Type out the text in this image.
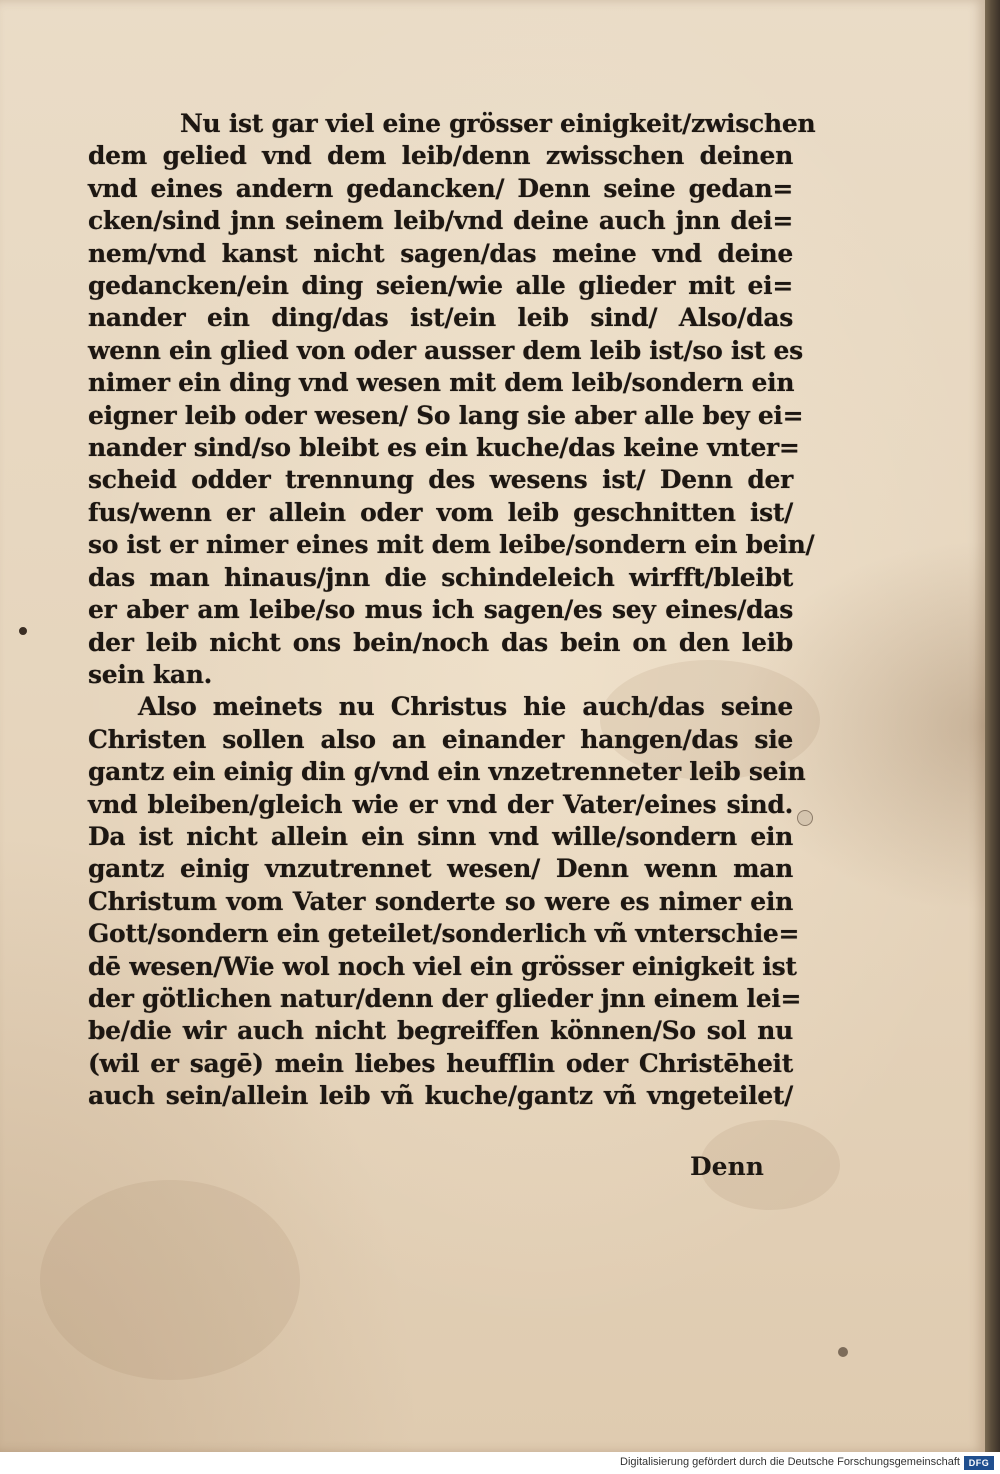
Nu ist gar viel eine grösser einigkeit/zwischen
dem gelied vnd dem leib/denn zwisschen deinen
vnd eines andern gedancken/ Denn seine gedan=
cken/sind jnn seinem leib/vnd deine auch jnn dei=
nem/vnd kanst nicht sagen/das meine vnd deine
gedancken/ein ding seien/wie alle glieder mit ei=
nander ein ding/das ist/ein leib sind/ Also/das
wenn ein glied von oder ausser dem leib ist/so ist es
nimer ein ding vnd wesen mit dem leib/sondern ein
eigner leib oder wesen/ So lang sie aber alle bey ei=
nander sind/so bleibt es ein kuche/das keine vnter=
scheid odder trennung des wesens ist/ Denn der
fus/wenn er allein oder vom leib geschnitten ist/
so ist er nimer eines mit dem leibe/sondern ein bein/
das man hinaus/jnn die schindeleich wirfft/bleibt
er aber am leibe/so mus ich sagen/es sey eines/das
der leib nicht ons bein/noch das bein on den leib
sein kan.
Also meinets nu Christus hie auch/das seine
Christen sollen also an einander hangen/das sie
gantz ein einig din g/vnd ein vnzetrenneter leib sein
vnd bleiben/gleich wie er vnd der Vater/eines sind.
Da ist nicht allein ein sinn vnd wille/sondern ein
gantz einig vnzutrennet wesen/ Denn wenn man
Christum vom Vater sonderte so were es nimer ein
Gott/sondern ein geteilet/sonderlich vñ vnterschie=
dē wesen/Wie wol noch viel ein grösser einigkeit ist
der götlichen natur/denn der glieder jnn einem lei=
be/die wir auch nicht begreiffen können/So sol nu
(wil er sagē) mein liebes heufflin oder Christēheit
auch sein/allein leib vñ kuche/gantz vñ vngeteilet/
Denn
Digitalisierung gefördert durch die Deutsche Forschungsgemeinschaft DFG
